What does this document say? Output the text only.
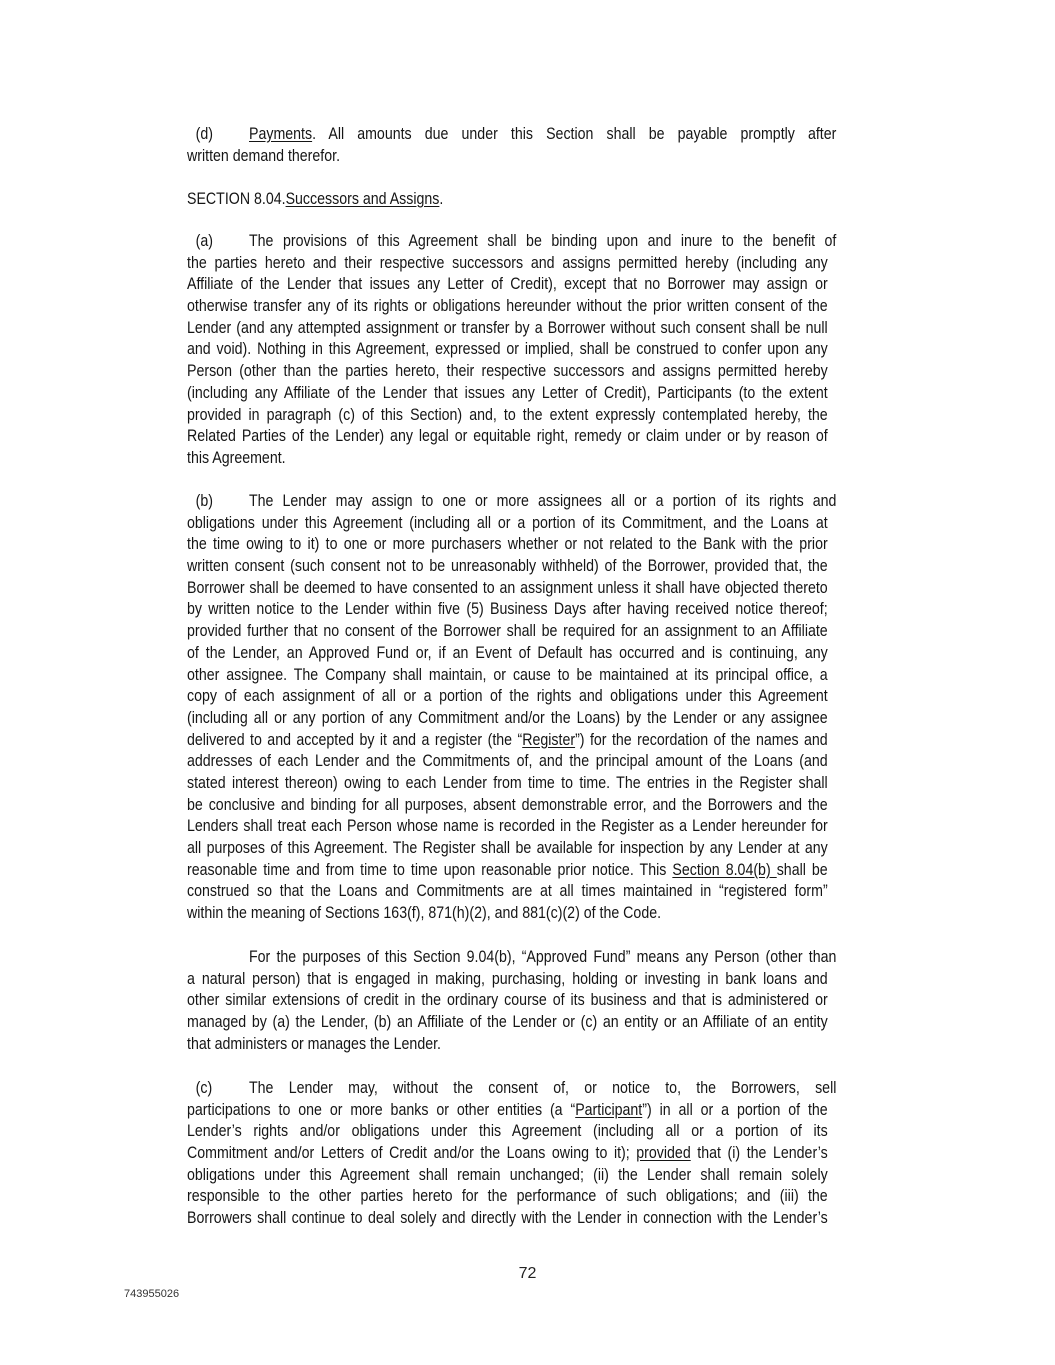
(d) Payments. All amounts due under this Section shall be payable promptly after
written demand therefor.
SECTION 8.04.Successors and Assigns.
(a) The provisions of this Agreement shall be binding upon and inure to the benefit of
the parties hereto and their respective successors and assigns permitted hereby (including any
Affiliate of the Lender that issues any Letter of Credit), except that no Borrower may assign or
otherwise transfer any of its rights or obligations hereunder without the prior written consent of the
Lender (and any attempted assignment or transfer by a Borrower without such consent shall be null
and void). Nothing in this Agreement, expressed or implied, shall be construed to confer upon any
Person (other than the parties hereto, their respective successors and assigns permitted hereby
(including any Affiliate of the Lender that issues any Letter of Credit), Participants (to the extent
provided in paragraph (c) of this Section) and, to the extent expressly contemplated hereby, the
Related Parties of the Lender) any legal or equitable right, remedy or claim under or by reason of
this Agreement.
(b) The Lender may assign to one or more assignees all or a portion of its rights and
obligations under this Agreement (including all or a portion of its Commitment, and the Loans at
the time owing to it) to one or more purchasers whether or not related to the Bank with the prior
written consent (such consent not to be unreasonably withheld) of the Borrower, provided that, the
Borrower shall be deemed to have consented to an assignment unless it shall have objected thereto
by written notice to the Lender within five (5) Business Days after having received notice thereof;
provided further that no consent of the Borrower shall be required for an assignment to an Affiliate
of the Lender, an Approved Fund or, if an Event of Default has occurred and is continuing, any
other assignee. The Company shall maintain, or cause to be maintained at its principal office, a
copy of each assignment of all or a portion of the rights and obligations under this Agreement
(including all or any portion of any Commitment and/or the Loans) by the Lender or any assignee
delivered to and accepted by it and a register (the “Register”) for the recordation of the names and
addresses of each Lender and the Commitments of, and the principal amount of the Loans (and
stated interest thereon) owing to each Lender from time to time. The entries in the Register shall
be conclusive and binding for all purposes, absent demonstrable error, and the Borrowers and the
Lenders shall treat each Person whose name is recorded in the Register as a Lender hereunder for
all purposes of this Agreement. The Register shall be available for inspection by any Lender at any
reasonable time and from time to time upon reasonable prior notice. This Section 8.04(b) shall be
construed so that the Loans and Commitments are at all times maintained in “registered form”
within the meaning of Sections 163(f), 871(h)(2), and 881(c)(2) of the Code.
For the purposes of this Section 9.04(b), “Approved Fund” means any Person (other than
a natural person) that is engaged in making, purchasing, holding or investing in bank loans and
other similar extensions of credit in the ordinary course of its business and that is administered or
managed by (a) the Lender, (b) an Affiliate of the Lender or (c) an entity or an Affiliate of an entity
that administers or manages the Lender.
(c) The Lender may, without the consent of, or notice to, the Borrowers, sell
participations to one or more banks or other entities (a “Participant”) in all or a portion of the
Lender’s rights and/or obligations under this Agreement (including all or a portion of its
Commitment and/or Letters of Credit and/or the Loans owing to it); provided that (i) the Lender’s
obligations under this Agreement shall remain unchanged; (ii) the Lender shall remain solely
responsible to the other parties hereto for the performance of such obligations; and (iii) the
Borrowers shall continue to deal solely and directly with the Lender in connection with the Lender’s
72
743955026
